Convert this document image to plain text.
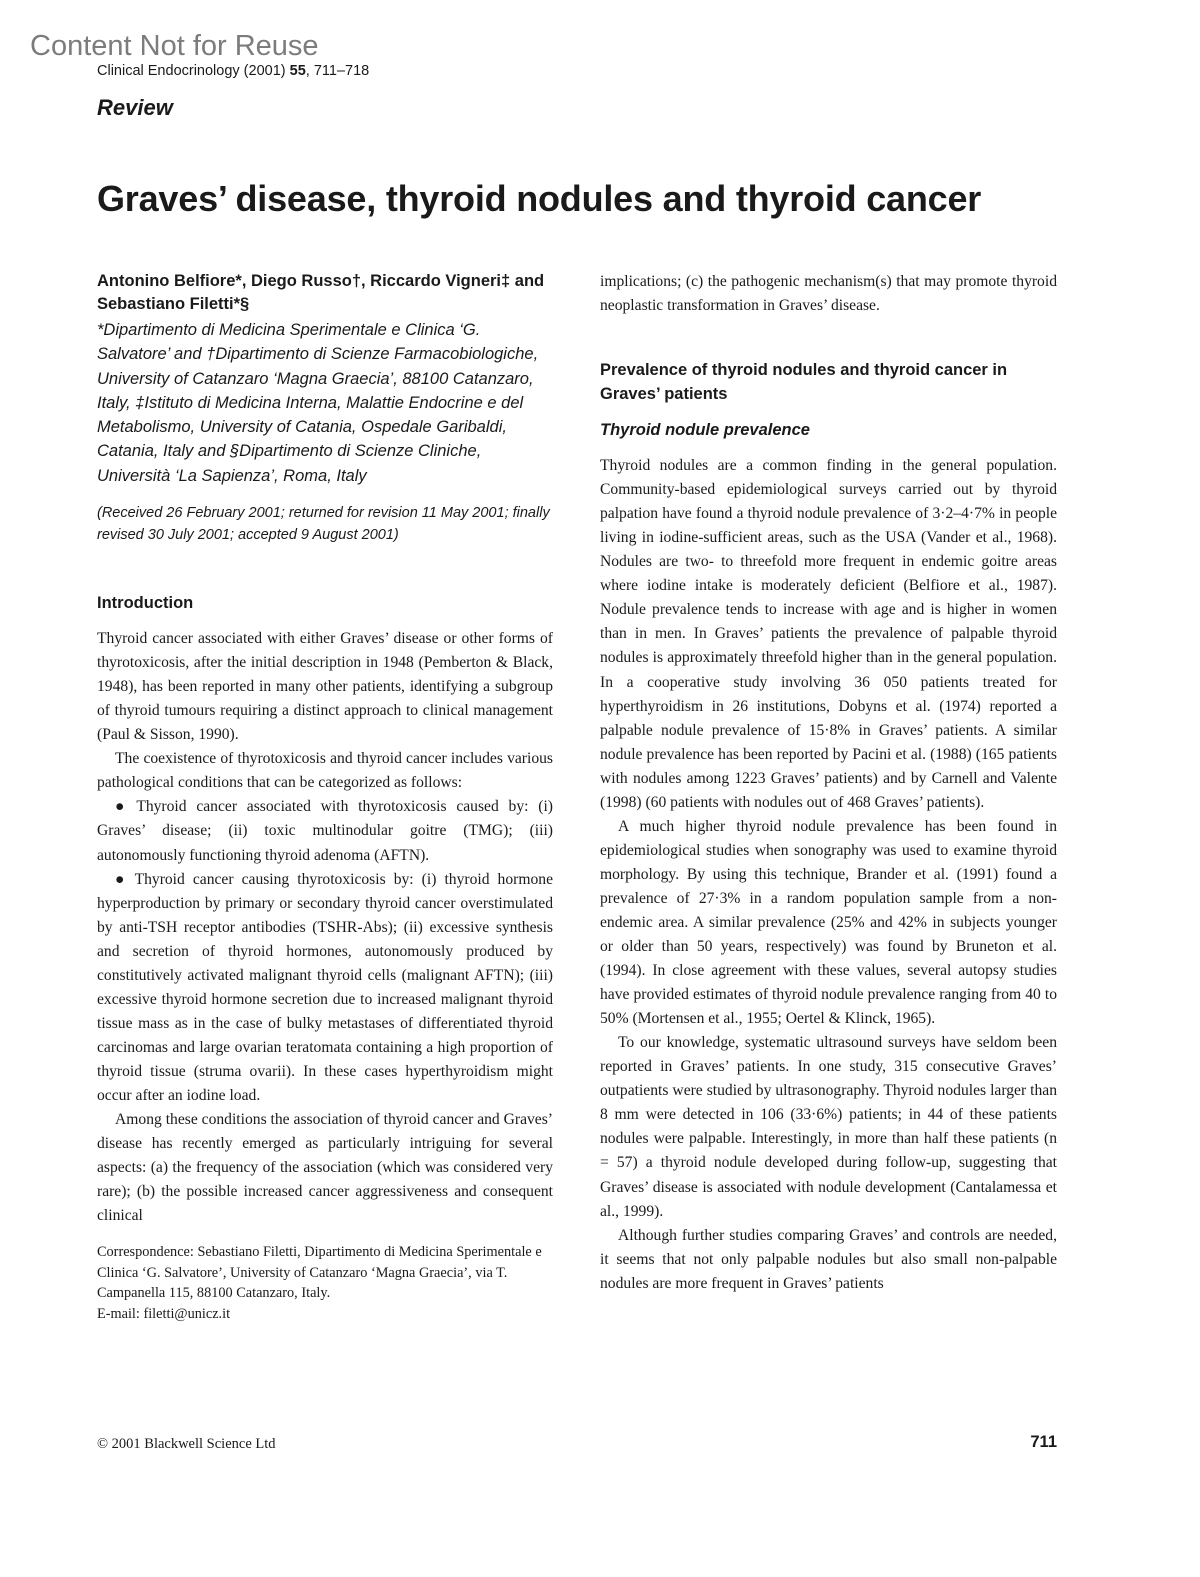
Content Not for Reuse
Clinical Endocrinology (2001) 55, 711–718
Review
Graves’ disease, thyroid nodules and thyroid cancer

Antonino Belfiore*, Diego Russo†, Riccardo Vigneri‡ and Sebastiano Filetti*§

*Dipartimento di Medicina Sperimentale e Clinica ‘G. Salvatore’ and †Dipartimento di Scienze Farmacobiologiche, University of Catanzaro ‘Magna Graecia’, 88100 Catanzaro, Italy, ‡Istituto di Medicina Interna, Malattie Endocrine e del Metabolismo, University of Catania, Ospedale Garibaldi, Catania, Italy and §Dipartimento di Scienze Cliniche, Università ‘La Sapienza’, Roma, Italy

(Received 26 February 2001; returned for revision 11 May 2001; finally revised 30 July 2001; accepted 9 August 2001)

Introduction

Thyroid cancer associated with either Graves’ disease or other forms of thyrotoxicosis, after the initial description in 1948 (Pemberton & Black, 1948), has been reported in many other patients, identifying a subgroup of thyroid tumours requiring a distinct approach to clinical management (Paul & Sisson, 1990).

The coexistence of thyrotoxicosis and thyroid cancer includes various pathological conditions that can be categorized as follows:

● Thyroid cancer associated with thyrotoxicosis caused by: (i) Graves’ disease; (ii) toxic multinodular goitre (TMG); (iii) autonomously functioning thyroid adenoma (AFTN).

● Thyroid cancer causing thyrotoxicosis by: (i) thyroid hormone hyperproduction by primary or secondary thyroid cancer overstimulated by anti-TSH receptor antibodies (TSHR-Abs); (ii) excessive synthesis and secretion of thyroid hormones, autonomously produced by constitutively activated malignant thyroid cells (malignant AFTN); (iii) excessive thyroid hormone secretion due to increased malignant thyroid tissue mass as in the case of bulky metastases of differentiated thyroid carcinomas and large ovarian teratomata containing a high proportion of thyroid tissue (struma ovarii). In these cases hyperthyroidism might occur after an iodine load.

Among these conditions the association of thyroid cancer and Graves’ disease has recently emerged as particularly intriguing for several aspects: (a) the frequency of the association (which was considered very rare); (b) the possible increased cancer aggressiveness and consequent clinical

Correspondence: Sebastiano Filetti, Dipartimento di Medicina Sperimentale e Clinica ‘G. Salvatore’, University of Catanzaro ‘Magna Graecia’, via T. Campanella 115, 88100 Catanzaro, Italy.

E-mail: filetti@unicz.it

implications; (c) the pathogenic mechanism(s) that may promote thyroid neoplastic transformation in Graves’ disease.

Prevalence of thyroid nodules and thyroid cancer in Graves’ patients
Thyroid nodule prevalence

Thyroid nodules are a common finding in the general population. Community-based epidemiological surveys carried out by thyroid palpation have found a thyroid nodule prevalence of 3·2–4·7% in people living in iodine-sufficient areas, such as the USA (Vander et al., 1968). Nodules are two- to threefold more frequent in endemic goitre areas where iodine intake is moderately deficient (Belfiore et al., 1987). Nodule prevalence tends to increase with age and is higher in women than in men. In Graves’ patients the prevalence of palpable thyroid nodules is approximately threefold higher than in the general population. In a cooperative study involving 36 050 patients treated for hyperthyroidism in 26 institutions, Dobyns et al. (1974) reported a palpable nodule prevalence of 15·8% in Graves’ patients. A similar nodule prevalence has been reported by Pacini et al. (1988) (165 patients with nodules among 1223 Graves’ patients) and by Carnell and Valente (1998) (60 patients with nodules out of 468 Graves’ patients).

A much higher thyroid nodule prevalence has been found in epidemiological studies when sonography was used to examine thyroid morphology. By using this technique, Brander et al. (1991) found a prevalence of 27·3% in a random population sample from a non-endemic area. A similar prevalence (25% and 42% in subjects younger or older than 50 years, respectively) was found by Bruneton et al. (1994). In close agreement with these values, several autopsy studies have provided estimates of thyroid nodule prevalence ranging from 40 to 50% (Mortensen et al., 1955; Oertel & Klinck, 1965).

To our knowledge, systematic ultrasound surveys have seldom been reported in Graves’ patients. In one study, 315 consecutive Graves’ outpatients were studied by ultrasonography. Thyroid nodules larger than 8 mm were detected in 106 (33·6%) patients; in 44 of these patients nodules were palpable. Interestingly, in more than half these patients (n = 57) a thyroid nodule developed during follow-up, suggesting that Graves’ disease is associated with nodule development (Cantalamessa et al., 1999).

Although further studies comparing Graves’ and controls are needed, it seems that not only palpable nodules but also small non-palpable nodules are more frequent in Graves’ patients

© 2001 Blackwell Science Ltd	711
